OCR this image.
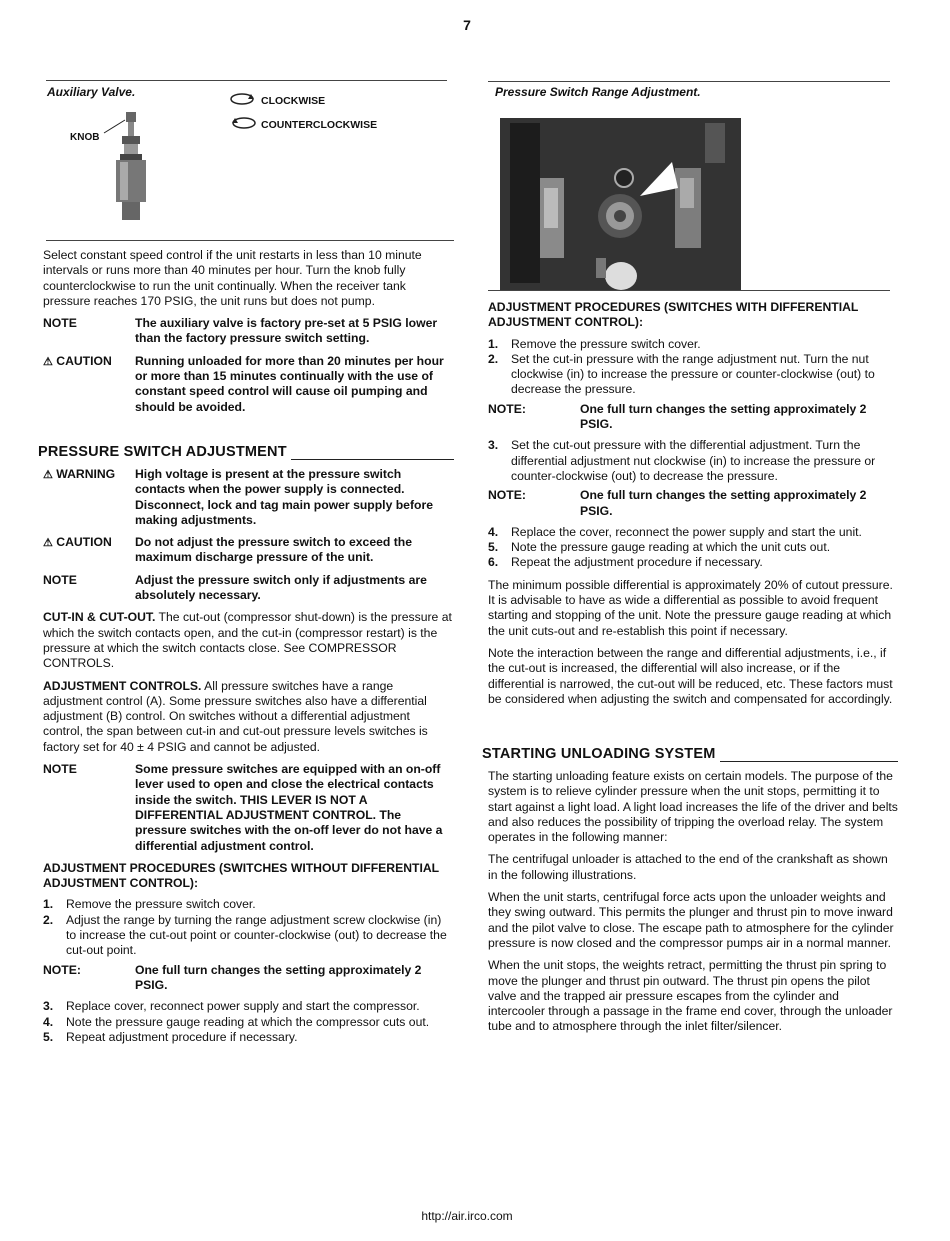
7
Auxiliary Valve.
KNOB
CLOCKWISE
COUNTERCLOCKWISE

Select constant speed control if the unit restarts in less than 10 minute intervals or runs more than 40 minutes per hour. Turn the knob fully counterclockwise to run the unit continually. When the receiver tank pressure reaches 170 PSIG, the unit runs but does not pump.

NOTE	The auxiliary valve is factory pre-set at 5 PSIG lower than the factory pressure switch setting.
⚠ CAUTION	Running unloaded for more than 20 minutes per hour or more than 15 minutes continually with the use of constant speed control will cause oil pumping and should be avoided.
PRESSURE SWITCH ADJUSTMENT
⚠ WARNING	High voltage is present at the pressure switch contacts when the power supply is connected. Disconnect, lock and tag main power supply before making adjustments.
⚠ CAUTION	Do not adjust the pressure switch to exceed the maximum discharge pressure of the unit.
NOTE	Adjust the pressure switch only if adjustments are absolutely necessary.

CUT-IN & CUT-OUT. The cut-out (compressor shut-down) is the pressure at which the switch contacts open, and the cut-in (compressor restart) is the pressure at which the switch contacts close. See COMPRESSOR CONTROLS.

ADJUSTMENT CONTROLS. All pressure switches have a range adjustment control (A). Some pressure switches also have a differential adjustment (B) control. On switches without a differential adjustment control, the span between cut-in and cut-out pressure levels switches is factory set for 40 ± 4 PSIG and cannot be adjusted.

NOTE	Some pressure switches are equipped with an on-off lever used to open and close the electrical contacts inside the switch. THIS LEVER IS NOT A DIFFERENTIAL ADJUSTMENT CONTROL. The pressure switches with the on-off lever do not have a differential adjustment control.
ADJUSTMENT PROCEDURES (SWITCHES WITHOUT DIFFERENTIAL ADJUSTMENT CONTROL):
1.	Remove the pressure switch cover.
2.	Adjust the range by turning the range adjustment screw clockwise (in) to increase the cut-out point or counter-clockwise (out) to decrease the cut-out point.
NOTE:	One full turn changes the setting approximately 2 PSIG.
3.	Replace cover, reconnect power supply and start the compressor.
4.	Note the pressure gauge reading at which the compressor cuts out.
5.	Repeat adjustment procedure if necessary.
Pressure Switch Range Adjustment.
ADJUSTMENT PROCEDURES (SWITCHES WITH DIFFERENTIAL ADJUSTMENT CONTROL):
1.	Remove the pressure switch cover.
2.	Set the cut-in pressure with the range adjustment nut. Turn the nut clockwise (in) to increase the pressure or counter-clockwise (out) to decrease the pressure.
NOTE:	One full turn changes the setting approximately 2 PSIG.
3.	Set the cut-out pressure with the differential adjustment. Turn the differential adjustment nut clockwise (in) to increase the pressure or counter-clockwise (out) to decrease the pressure.
NOTE:	One full turn changes the setting approximately 2 PSIG.
4.	Replace the cover, reconnect the power supply and start the unit.
5.	Note the pressure gauge reading at which the unit cuts out.
6.	Repeat the adjustment procedure if necessary.

The minimum possible differential is approximately 20% of cutout pressure. It is advisable to have as wide a differential as possible to avoid frequent starting and stopping of the unit. Note the pressure gauge reading at which the unit cuts-out and re-establish this point if necessary.

Note the interaction between the range and differential adjustments, i.e., if the cut-out is increased, the differential will also increase, or if the differential is narrowed, the cut-out will be reduced, etc. These factors must be considered when adjusting the switch and compensated for accordingly.

STARTING UNLOADING SYSTEM

The starting unloading feature exists on certain models. The purpose of the system is to relieve cylinder pressure when the unit stops, permitting it to start against a light load. A light load increases the life of the driver and belts and also reduces the possibility of tripping the overload relay. The system operates in the following manner:

The centrifugal unloader is attached to the end of the crankshaft as shown in the following illustrations.

When the unit starts, centrifugal force acts upon the unloader weights and they swing outward. This permits the plunger and thrust pin to move inward and the pilot valve to close. The escape path to atmosphere for the cylinder pressure is now closed and the compressor pumps air in a normal manner.

When the unit stops, the weights retract, permitting the thrust pin spring to move the plunger and thrust pin outward. The thrust pin opens the pilot valve and the trapped air pressure escapes from the cylinder and intercooler through a passage in the frame end cover, through the unloader tube and to atmosphere through the inlet filter/silencer.

http://air.irco.com
